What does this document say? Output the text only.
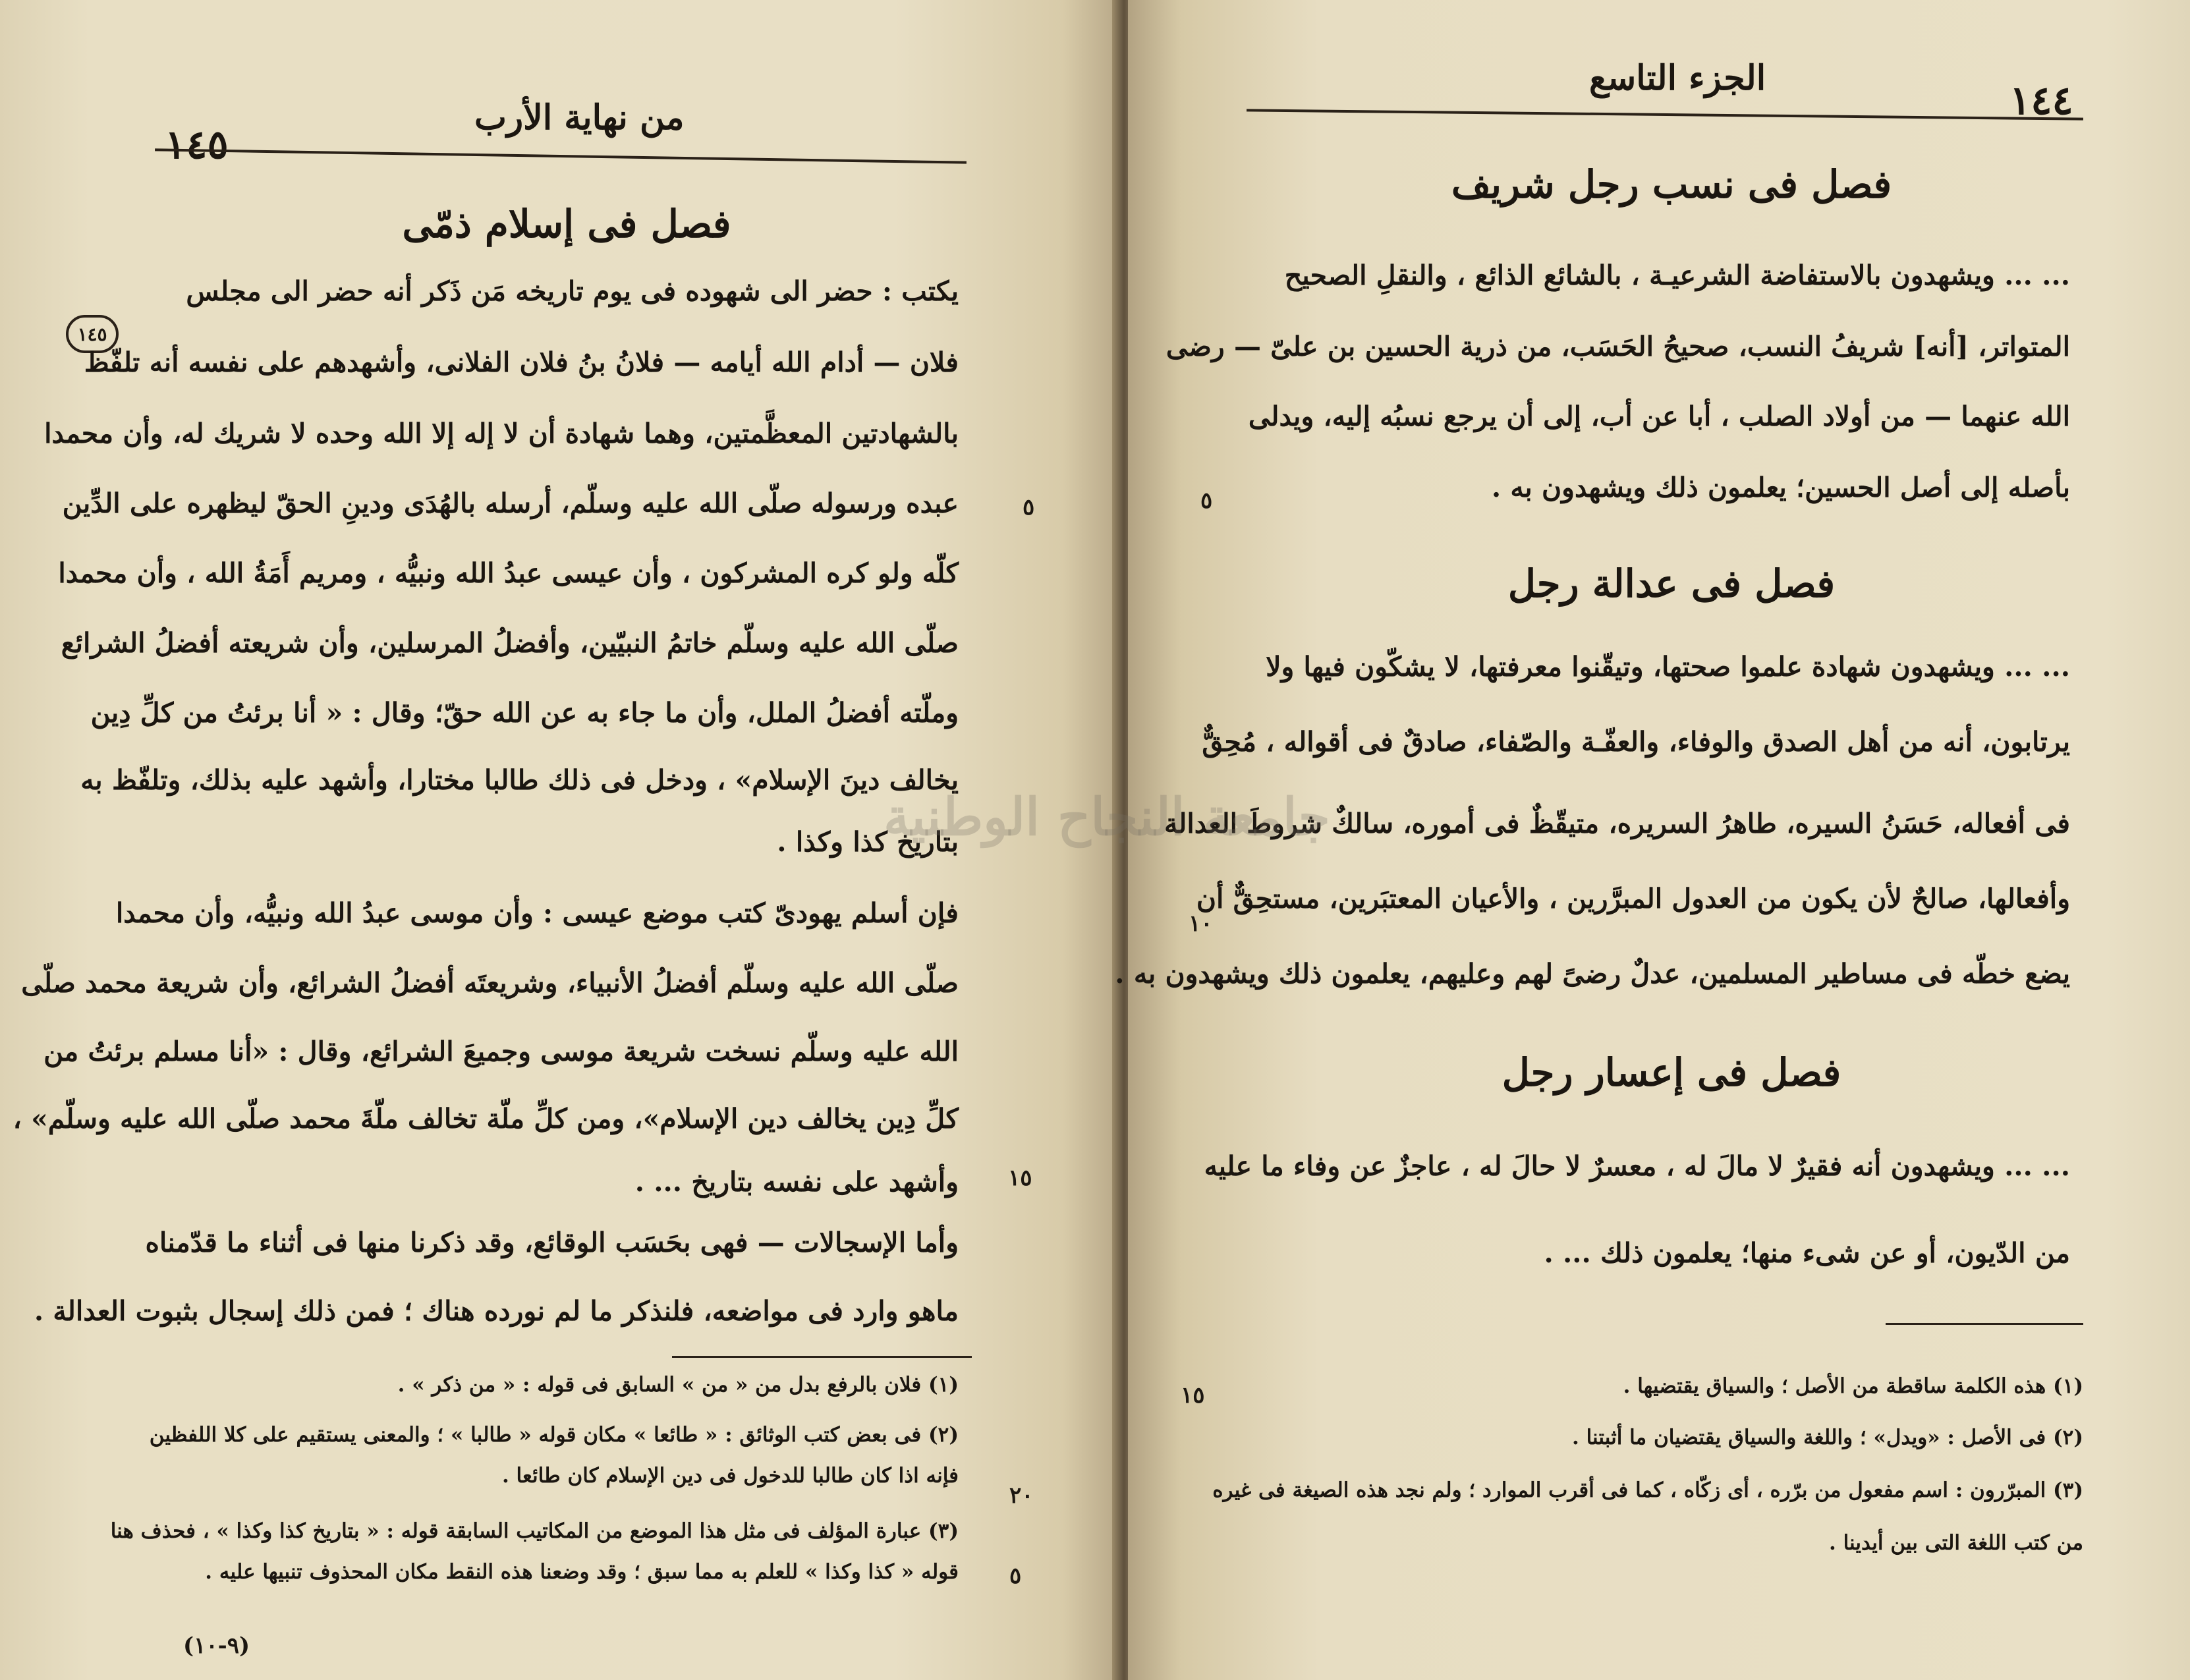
من نهاية الأرب
١٤٥
فصل فى إسلام ذمّى
١٤٥
يكتب : حضر الى شهوده فى يوم تاريخه مَن ذَكر أنه حضر الى مجلس
فلان — أدام الله أيامه — فلانُ بنُ فلان الفلانى، وأشهدهم على نفسه أنه تلفّظ
بالشهادتين المعظَّمتين، وهما شهادة أن لا إله إلا الله وحده لا شريك له، وأن محمدا
عبده ورسوله صلّى الله عليه وسلّم، أرسله بالهُدَى ودينِ الحقّ ليظهره على الدِّين
كلّه ولو كره المشركون ، وأن عيسى عبدُ الله ونبيُّه ، ومريم أَمَةُ الله ، وأن محمدا
صلّى الله عليه وسلّم خاتمُ النبيّين، وأفضلُ المرسلين، وأن شريعته أفضلُ الشرائع
وملّته أفضلُ الملل، وأن ما جاء به عن الله حقّ؛ وقال : « أنا برئتُ من كلِّ دِين
يخالف دينَ الإسلام» ، ودخل فى ذلك طالبا مختارا، وأشهد عليه بذلك، وتلفّظ به
بتاريخ كذا وكذا .
فإن أسلم يهودىّ كتب موضع عيسى : وأن موسى عبدُ الله ونبيُّه، وأن محمدا
صلّى الله عليه وسلّم أفضلُ الأنبياء، وشريعتَه أفضلُ الشرائع، وأن شريعة محمد صلّى
الله عليه وسلّم نسخت شريعة موسى وجميعَ الشرائع، وقال : «أنا مسلم برئتُ من
كلِّ دِين يخالف دين الإسلام»، ومن كلِّ ملّة تخالف ملّةَ محمد صلّى الله عليه وسلّم» ،
وأشهد على نفسه بتاريخ ... .
وأما الإسجالات — فهى بحَسَب الوقائع، وقد ذكرنا منها فى أثناء ما قدّمناه
ماهو وارد فى مواضعه، فلنذكر ما لم نورده هناك ؛ فمن ذلك إسجال بثبوت العدالة .
(١) فلان بالرفع بدل من « من » السابق فى قوله : « من ذكر » .
(٢) فى بعض كتب الوثائق : « طائعا » مكان قوله « طالبا » ؛ والمعنى يستقيم على كلا اللفظين
فإنه اذا كان طالبا للدخول فى دين الإسلام كان طائعا .
(٣) عبارة المؤلف فى مثل هذا الموضع من المكاتيب السابقة قوله : « بتاريخ كذا وكذا » ، فحذف هنا
قوله « كذا وكذا » للعلم به مما سبق ؛ وقد وضعنا هذه النقط مكان المحذوف تنبيها عليه .
(٩-١٠)
٥
١٥
٢٠
٥
الجزء التاسع	١٤٤
فصل فى نسب رجل شريف
... ... ويشهدون بالاستفاضة الشرعيـة ، بالشائع الذائع ، والنقلِ الصحيح
المتواتر، [أنه] شريفُ النسب، صحيحُ الحَسَب، من ذرية الحسين بن علىّ — رضى
الله عنهما — من أولاد الصلب ، أبا عن أب، إلى أن يرجع نسبُه إليه، ويدلى
بأصله إلى أصل الحسين؛ يعلمون ذلك ويشهدون به .
فصل فى عدالة رجل
... ... ويشهدون شهادة علموا صحتها، وتيقّنوا معرفتها، لا يشكّون فيها ولا
يرتابون، أنه من أهل الصدق والوفاء، والعفّـة والصّفاء، صادقٌ فى أقواله ، مُحِقٌّ
فى أفعاله، حَسَنُ السيره، طاهرُ السريره، متيقّظٌ فى أموره، سالكٌ شروطَ العدالة
وأفعالها، صالحٌ لأن يكون من العدول المبرَّرين ، والأعيان المعتبَرين، مستحِقٌّ أن
يضع خطّه فى مساطير المسلمين، عدلٌ رضىً لهم وعليهم، يعلمون ذلك ويشهدون به .
فصل فى إعسار رجل
... ... ويشهدون أنه فقيرٌ لا مالَ له ، معسرٌ لا حالَ له ، عاجزٌ عن وفاء ما عليه
من الدّيون، أو عن شىء منها؛ يعلمون ذلك ... .
(١) هذه الكلمة ساقطة من الأصل ؛ والسياق يقتضيها .
(٢) فى الأصل : «ويدل» ؛ واللغة والسياق يقتضيان ما أثبتنا .
(٣) المبرّرون : اسم مفعول من برّره ، أى زكّاه ، كما فى أقرب الموارد ؛ ولم نجد هذه الصيغة فى غيره
من كتب اللغة التى بين أيدينا .
٥
١٠
١٥
جامعة النجاح الوطنية
